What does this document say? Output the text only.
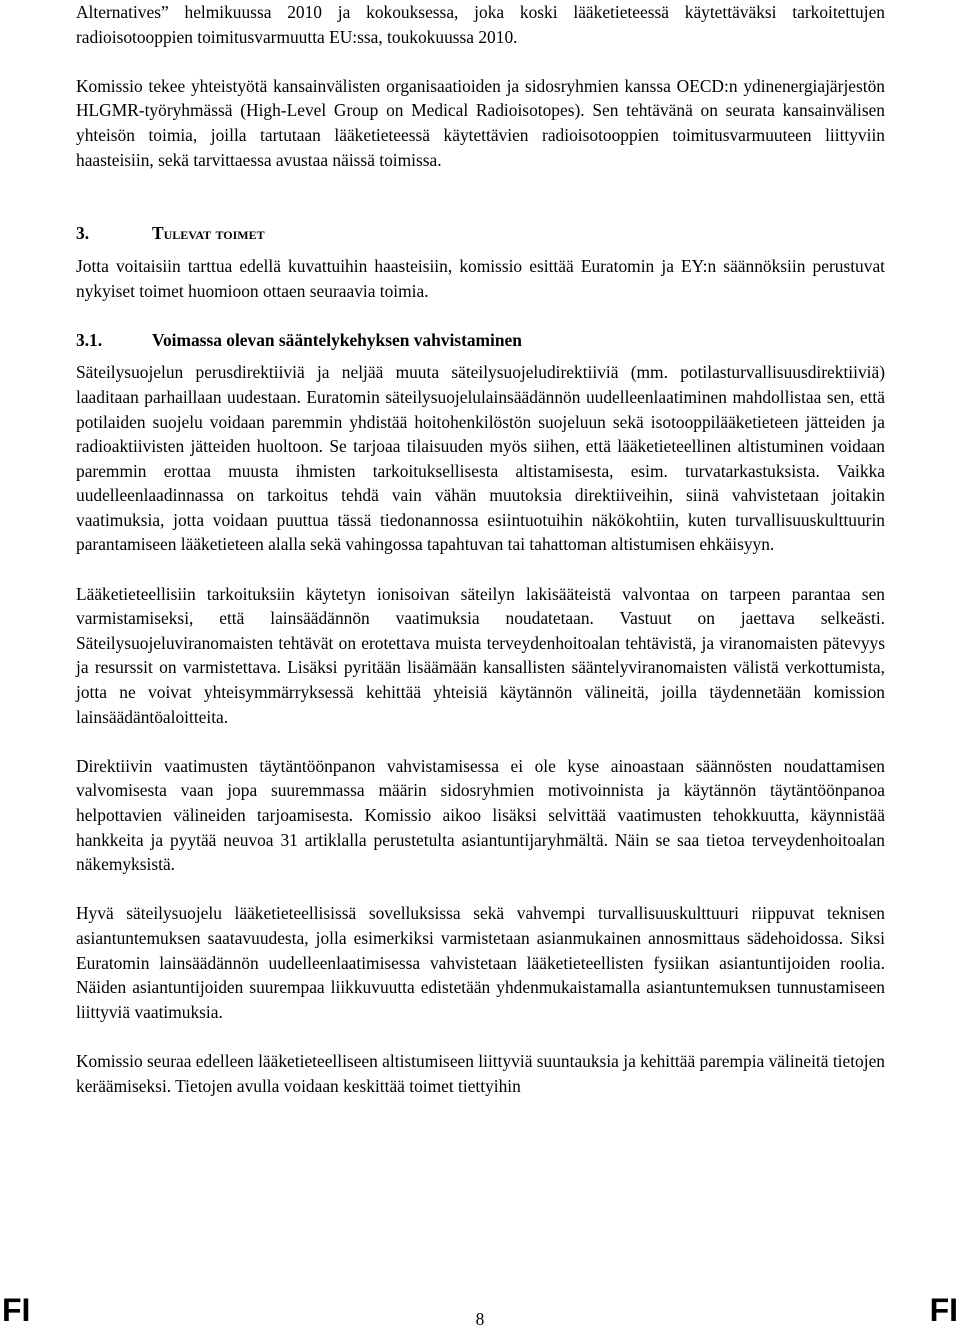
Alternatives” helmikuussa 2010 ja kokouksessa, joka koski lääketieteessä käytettäväksi tarkoitettujen radioisotooppien toimitusvarmuutta EU:ssa, toukokuussa 2010.

Komissio tekee yhteistyötä kansainvälisten organisaatioiden ja sidosryhmien kanssa OECD:n ydinenergiajärjestön HLGMR-työryhmässä (High-Level Group on Medical Radioisotopes). Sen tehtävänä on seurata kansainvälisen yhteisön toimia, joilla tartutaan lääketieteessä käytettävien radioisotooppien toimitusvarmuuteen liittyviin haasteisiin, sekä tarvittaessa avustaa näissä toimissa.

3.	Tulevat toimet

Jotta voitaisiin tarttua edellä kuvattuihin haasteisiin, komissio esittää Euratomin ja EY:n säännöksiin perustuvat nykyiset toimet huomioon ottaen seuraavia toimia.

3.1.	Voimassa olevan sääntelykehyksen vahvistaminen

Säteilysuojelun perusdirektiiviä ja neljää muuta säteilysuojeludirektiiviä (mm. potilasturvallisuusdirektiiviä) laaditaan parhaillaan uudestaan. Euratomin säteilysuojelulainsäädännön uudelleenlaatiminen mahdollistaa sen, että potilaiden suojelu voidaan paremmin yhdistää hoitohenkilöstön suojeluun sekä isotooppilääketieteen jätteiden ja radioaktiivisten jätteiden huoltoon. Se tarjoaa tilaisuuden myös siihen, että lääketieteellinen altistuminen voidaan paremmin erottaa muusta ihmisten tarkoituksellisesta altistamisesta, esim. turvatarkastuksista. Vaikka uudelleenlaadinnassa on tarkoitus tehdä vain vähän muutoksia direktiiveihin, siinä vahvistetaan joitakin vaatimuksia, jotta voidaan puuttua tässä tiedonannossa esiintuotuihin näkökohtiin, kuten turvallisuuskulttuurin parantamiseen lääketieteen alalla sekä vahingossa tapahtuvan tai tahattoman altistumisen ehkäisyyn.

Lääketieteellisiin tarkoituksiin käytetyn ionisoivan säteilyn lakisääteistä valvontaa on tarpeen parantaa sen varmistamiseksi, että lainsäädännön vaatimuksia noudatetaan. Vastuut on jaettava selkeästi. Säteilysuojeluviranomaisten tehtävät on erotettava muista terveydenhoitoalan tehtävistä, ja viranomaisten pätevyys ja resurssit on varmistettava. Lisäksi pyritään lisäämään kansallisten sääntelyviranomaisten välistä verkottumista, jotta ne voivat yhteisymmärryksessä kehittää yhteisiä käytännön välineitä, joilla täydennetään komission lainsäädäntöaloitteita.

Direktiivin vaatimusten täytäntöönpanon vahvistamisessa ei ole kyse ainoastaan säännösten noudattamisen valvomisesta vaan jopa suuremmassa määrin sidosryhmien motivoinnista ja käytännön täytäntöönpanoa helpottavien välineiden tarjoamisesta. Komissio aikoo lisäksi selvittää vaatimusten tehokkuutta, käynnistää hankkeita ja pyytää neuvoa 31 artiklalla perustetulta asiantuntijaryhmältä. Näin se saa tietoa terveydenhoitoalan näkemyksistä.

Hyvä säteilysuojelu lääketieteellisissä sovelluksissa sekä vahvempi turvallisuuskulttuuri riippuvat teknisen asiantuntemuksen saatavuudesta, jolla esimerkiksi varmistetaan asianmukainen annosmittaus sädehoidossa. Siksi Euratomin lainsäädännön uudelleenlaatimisessa vahvistetaan lääketieteellisten fysiikan asiantuntijoiden roolia. Näiden asiantuntijoiden suurempaa liikkuvuutta edistetään yhdenmukaistamalla asiantuntemuksen tunnustamiseen liittyviä vaatimuksia.

Komissio seuraa edelleen lääketieteelliseen altistumiseen liittyviä suuntauksia ja kehittää parempia välineitä tietojen keräämiseksi. Tietojen avulla voidaan keskittää toimet tiettyihin

FI	8	FI
